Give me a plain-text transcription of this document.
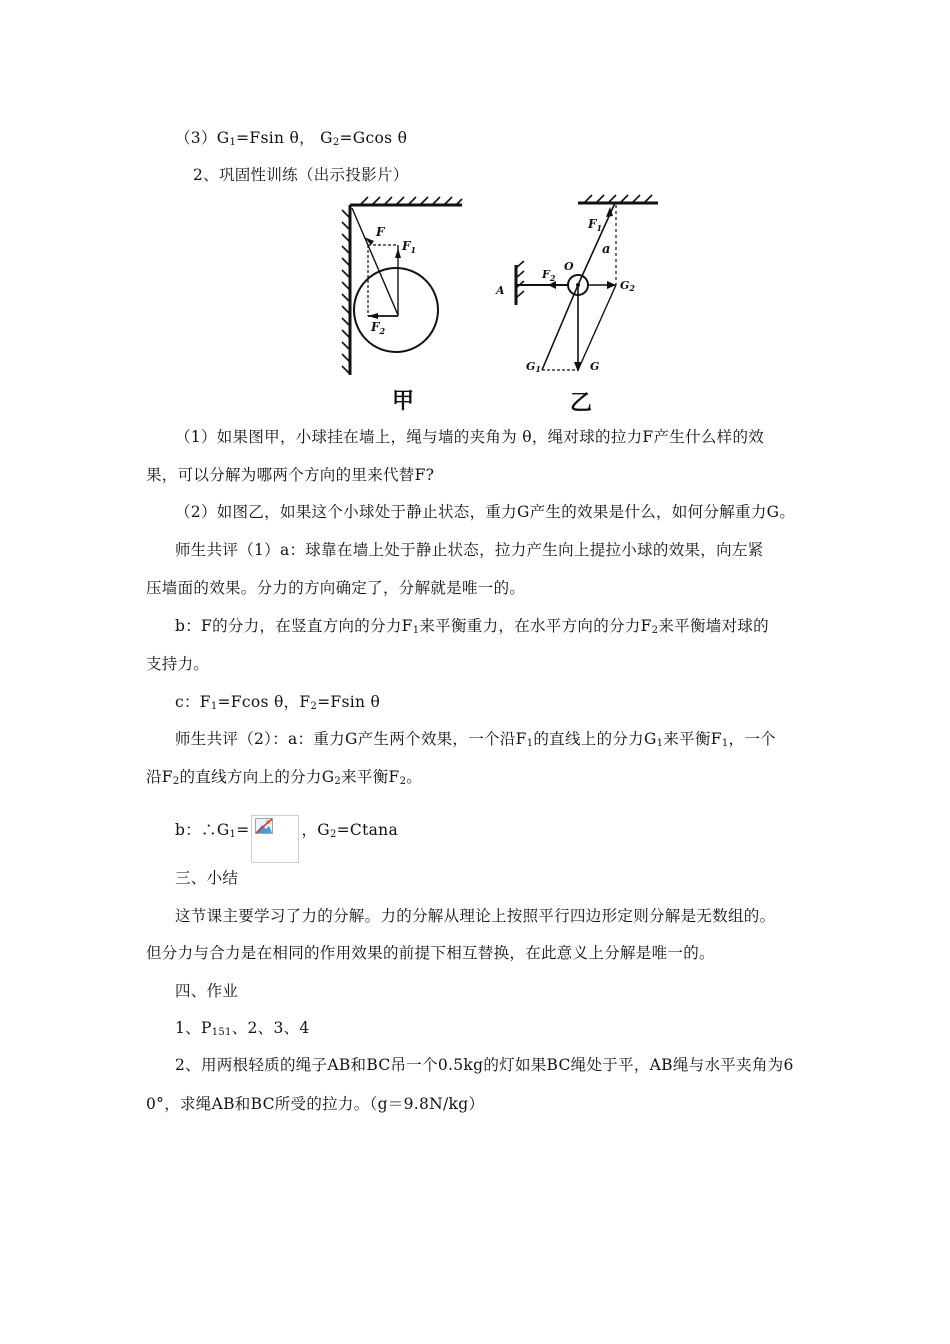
$(3)G_1=Fsin$ θ， $G_2=Gcos$ θ
2、巩固性训练（出示投影片）
F
$F_1$
$F_2$
甲
$F_1$
a
$F_2$
O
G2
A
G1	G
乙
（1）如果图甲，小球挂在墙上，绳与墙的夹角为 θ，绳对球的拉力F产生什么样的效
果，可以分解为哪两个方向的里来代替F?
（2）如图乙，如果这个小球处于静止状态，重力G产生的效果是什么，如何分解重力G。
师生共评（1）a：球靠在墙上处于静止状态，拉力产生向上提拉小球的效果，向左紧
压墙面的效果。分力的方向确定了，分解就是唯一的。
b：F的分力，在竖直方向的分力$F_1$来平衡重力，在水平方向的分力$F_2$来平衡墙对球的
支持力。
c：$F_1=Fcos$ θ，$F_2=Fsin$ θ
师生共评（2）：a：重力G产生两个效果，一个沿$F_1$的直线上的分力$G_1$来平衡$F_1$，一个
沿$F_2$的直线方向上的分力$G_2$来平衡$F_2$。
b：$\therefore G_1=$	，$G_2=Ctana$
三、小结
这节课主要学习了力的分解。力的分解从理论上按照平行四边形定则分解是无数组的。
但分力与合力是在相同的作用效果的前提下相互替换，在此意义上分解是唯一的。
四、作业
1、$P_{151}$、2、3、4
2、用两根轻质的绳子AB和BC吊一个0.5kg的灯如果BC绳处于平，AB绳与水平夹角为6
0°，求绳AB和BC所受的拉力。（g＝9.8N/kg）
